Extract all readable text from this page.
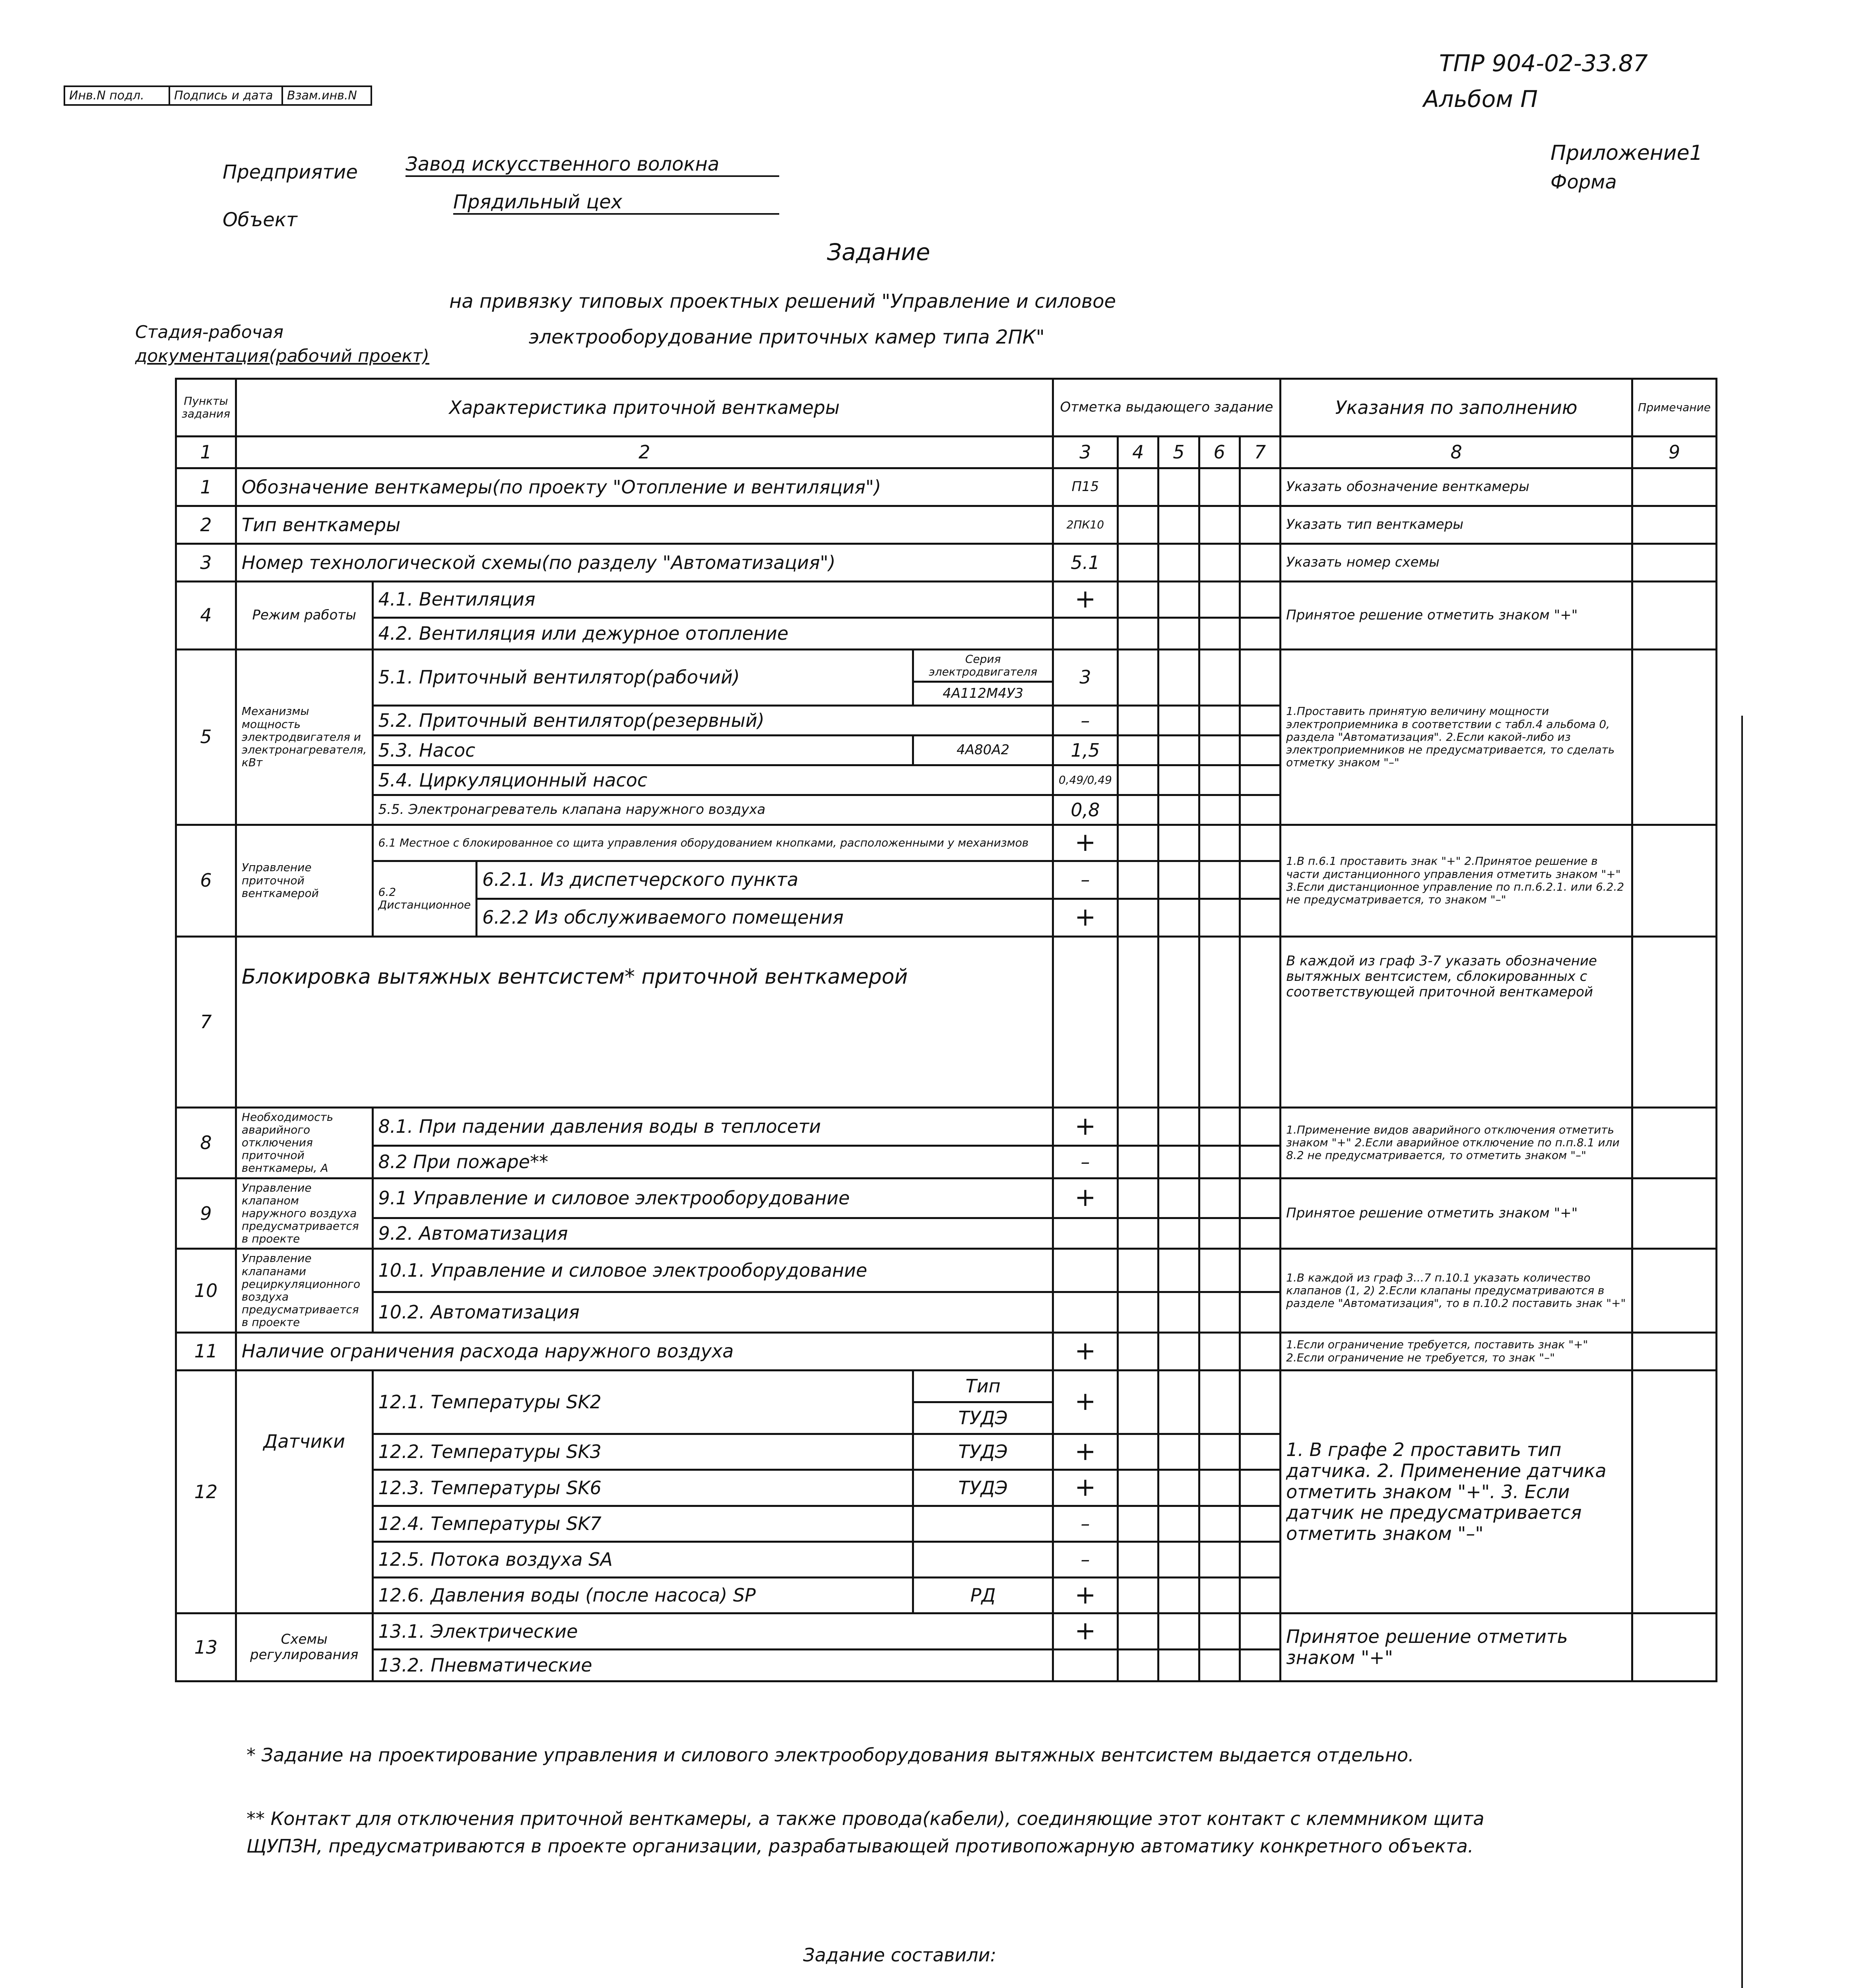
Инв.N подл.	Подпись и дата	Взам.инв.N
ТПР 904-02-33.87
Альбом П
Приложение1
Форма
Предприятие	Завод искусственного волокна
Объект
Прядильный цех
Задание
на привязку типовых проектных решений "Управление и силовое
электрооборудование приточных камер типа 2ПК"
Стадия-рабочая
документация(рабочий проект)
Пункты задания	Характеристика приточной венткамеры				Отметка выдающего задание					Указания по заполнению	Примечание
1	2				3	4	5	6	7	8	9
1	Обозначение венткамеры(по проекту "Отопление и вентиляция")				П15					Указать обозначение венткамеры	
2	Тип венткамеры				2ПК10					Указать тип венткамеры	
3	Номер технологической схемы(по разделу "Автоматизация")				5.1					Указать номер схемы	
4	Режим работы	4.1. Вентиляция			+					Принятое решение отметить знаком "+"	
		4.2. Вентиляция или дежурное отопление									
5	Механизмы мощность электродвигателя и электронагревателя, кВт	5.1. Приточный вентилятор(рабочий)		Серия электродвигателя	3					1.Проставить принятую величину мощности электроприемника в соответствии с табл.4 альбома 0, раздела "Автоматизация". 2.Если какой-либо из электроприемников не предусматривается, то сделать отметку знаком "–"	
				4А112М4У3							
		5.2. Приточный вентилятор(резервный)			–						
		5.3. Насос		4А80А2	1,5						
		5.4. Циркуляционный насос			0,49/0,49						
		5.5. Электронагреватель клапана наружного воздуха			0,8						
6	Управление приточной венткамерой	6.1 Местное с блокированное со щита управления оборудованием кнопками, расположенными у механизмов			+					1.В п.6.1 проставить знак "+" 2.Принятое решение в части дистанционного управления отметить знаком "+" 3.Если дистанционное управление по п.п.6.2.1. или 6.2.2 не предусматривается, то знаком "–"	
		6.2 Дистанционное	6.2.1. Из диспетчерского пункта		–						
			6.2.2 Из обслуживаемого помещения		+						
7	Блокировка вытяжных вентсистем* приточной венткамерой									В каждой из граф 3-7 указать обозначение вытяжных вентсистем, сблокированных с соответствующей приточной венткамерой	
8	Необходимость аварийного отключения приточной венткамеры, А	8.1. При падении давления воды в теплосети			+					1.Применение видов аварийного отключения отметить знаком "+" 2.Если аварийное отключение по п.п.8.1 или 8.2 не предусматривается, то отметить знаком "–"	
		8.2 При пожаре**			–						
9	Управление клапаном наружного воздуха предусматривается в проекте	9.1 Управление и силовое электрооборудование			+					Принятое решение отметить знаком "+"	
		9.2. Автоматизация									
10	Управление клапанами рециркуляционного воздуха предусматривается в проекте	10.1. Управление и силовое электрооборудование								1.В каждой из граф 3...7 п.10.1 указать количество клапанов (1, 2) 2.Если клапаны предусматриваются в разделе "Автоматизация", то в п.10.2 поставить знак "+"	
		10.2. Автоматизация									
11	Наличие ограничения расхода наружного воздуха				+					1.Если ограничение требуется, поставить знак "+" 2.Если ограничение не требуется, то знак "–"	
12	Датчики	12.1. Температуры SK2		Тип	+					1. В графе 2 проставить тип датчика. 2. Применение датчика отметить знаком "+". 3. Если датчик не предусматривается отметить знаком "–"	
				ТУДЭ							
		12.2. Температуры SK3		ТУДЭ	+						
		12.3. Температуры SK6		ТУДЭ	+						
		12.4. Температуры SK7			–						
		12.5. Потока воздуха SA			–						
		12.6. Давления воды (после насоса) SP		РД	+						
13	Схемы регулирования	13.1. Электрические			+					Принятое решение отметить знаком "+"	
		13.2. Пневматические									
* Задание на проектирование управления и силового электрооборудования вытяжных вентсистем выдается отдельно.
** Контакт для отключения приточной венткамеры, а также провода(кабели), соединяющие этот контакт с клеммником щита ЩУПЗН, предусматриваются в проекте организации, разрабатывающей противопожарную автоматику конкретного объекта.
Задание составили:
